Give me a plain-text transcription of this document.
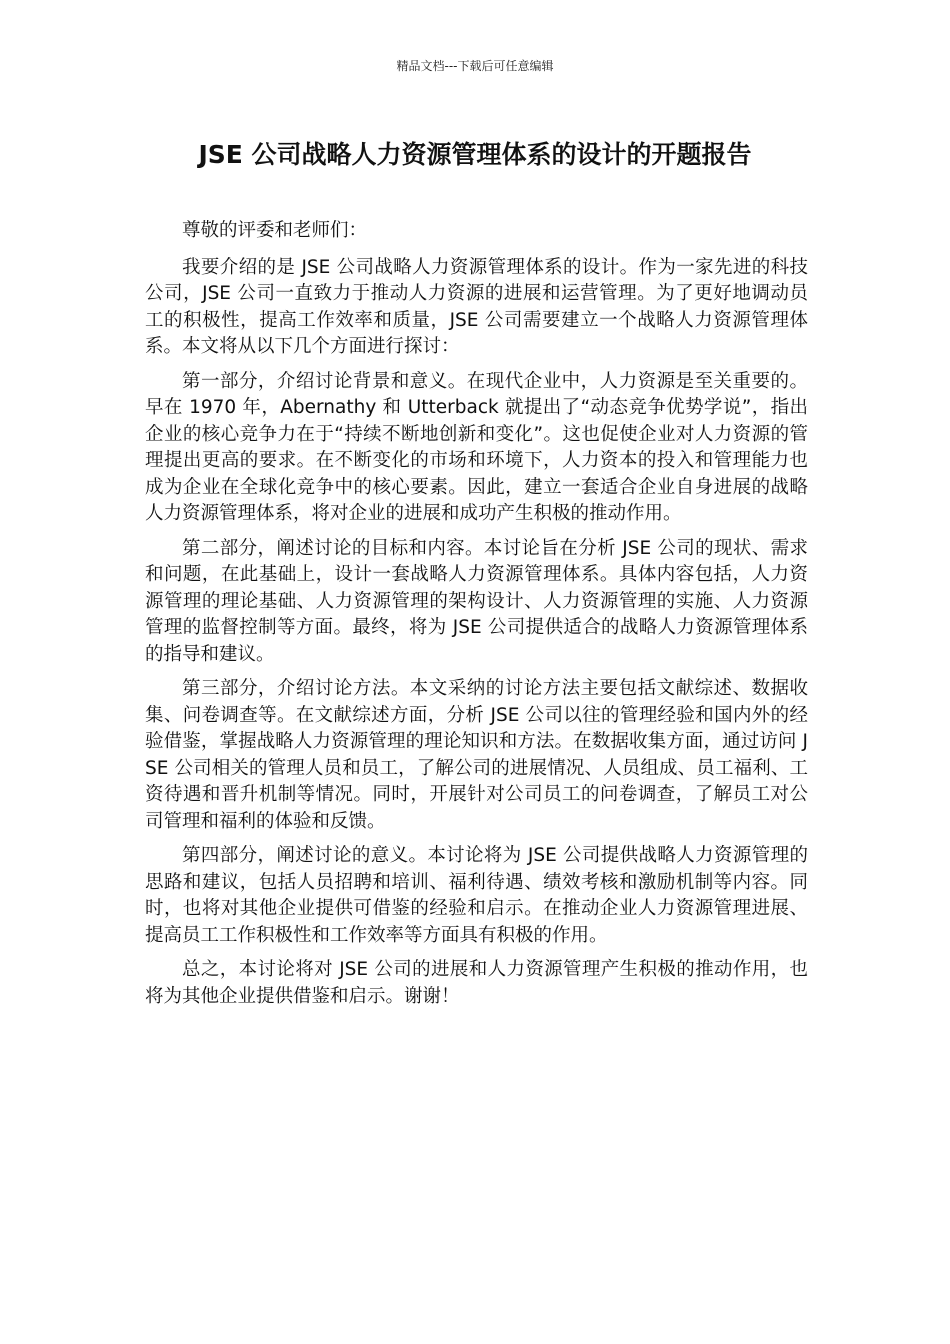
精品文档---下载后可任意编辑
JSE 公司战略人力资源管理体系的设计的开题报告

尊敬的评委和老师们：

我要介绍的是 JSE 公司战略人力资源管理体系的设计。作为一家先进的科技公司，JSE 公司一直致力于推动人力资源的进展和运营管理。为了更好地调动员工的积极性，提高工作效率和质量，JSE 公司需要建立一个战略人力资源管理体系。本文将从以下几个方面进行探讨：

第一部分，介绍讨论背景和意义。在现代企业中，人力资源是至关重要的。早在 1970 年，Abernathy 和 Utterback 就提出了“动态竞争优势学说”，指出企业的核心竞争力在于“持续不断地创新和变化”。这也促使企业对人力资源的管理提出更高的要求。在不断变化的市场和环境下，人力资本的投入和管理能力也成为企业在全球化竞争中的核心要素。因此，建立一套适合企业自身进展的战略人力资源管理体系，将对企业的进展和成功产生积极的推动作用。

第二部分，阐述讨论的目标和内容。本讨论旨在分析 JSE 公司的现状、需求和问题，在此基础上，设计一套战略人力资源管理体系。具体内容包括，人力资源管理的理论基础、人力资源管理的架构设计、人力资源管理的实施、人力资源管理的监督控制等方面。最终，将为 JSE 公司提供适合的战略人力资源管理体系的指导和建议。

第三部分，介绍讨论方法。本文采纳的讨论方法主要包括文献综述、数据收集、问卷调查等。在文献综述方面，分析 JSE 公司以往的管理经验和国内外的经验借鉴，掌握战略人力资源管理的理论知识和方法。在数据收集方面，通过访问 JSE 公司相关的管理人员和员工，了解公司的进展情况、人员组成、员工福利、工资待遇和晋升机制等情况。同时，开展针对公司员工的问卷调查，了解员工对公司管理和福利的体验和反馈。

第四部分，阐述讨论的意义。本讨论将为 JSE 公司提供战略人力资源管理的思路和建议，包括人员招聘和培训、福利待遇、绩效考核和激励机制等内容。同时，也将对其他企业提供可借鉴的经验和启示。在推动企业人力资源管理进展、提高员工工作积极性和工作效率等方面具有积极的作用。

总之，本讨论将对 JSE 公司的进展和人力资源管理产生积极的推动作用，也将为其他企业提供借鉴和启示。谢谢！
